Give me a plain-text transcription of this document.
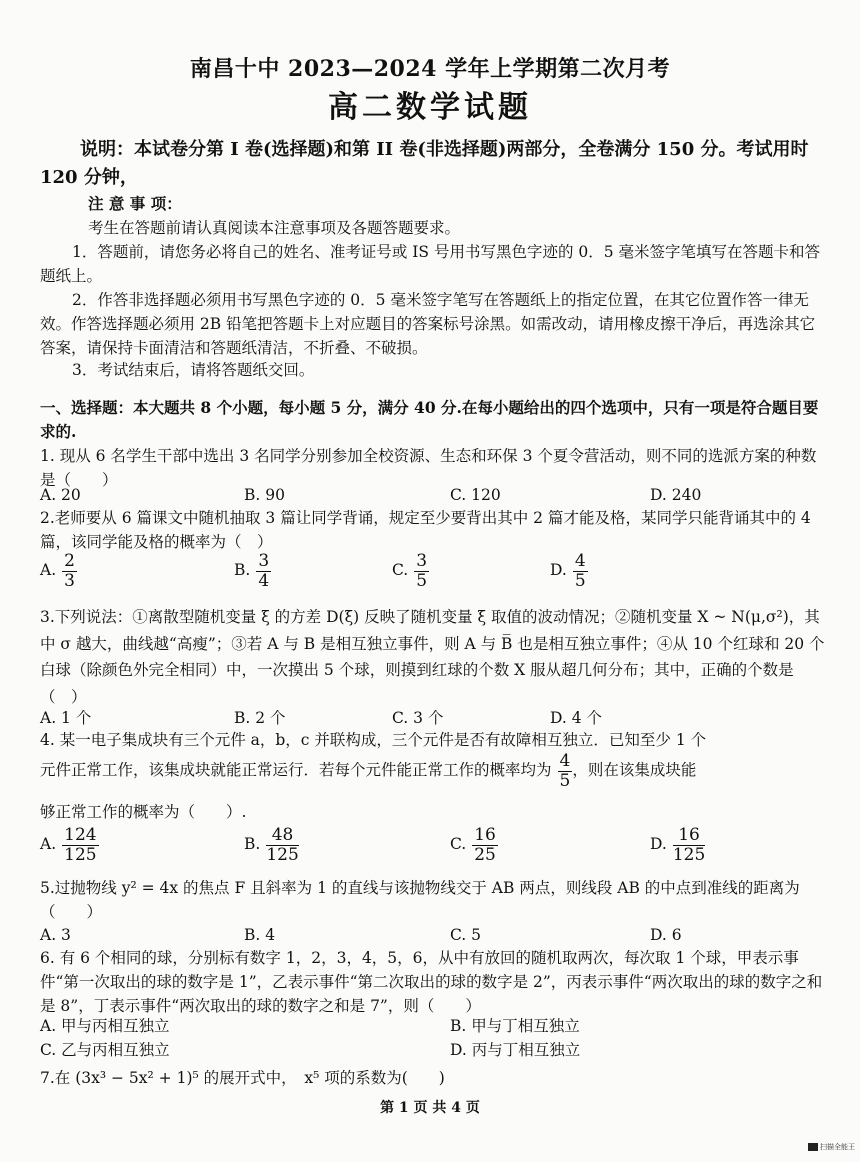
南昌十中 2023—2024 学年上学期第二次月考
高二数学试题
说明：本试卷分第 I 卷(选择题)和第 II 卷(非选择题)两部分，全卷满分 150 分。考试用时 120 分钟，
注 意 事 项：
考生在答题前请认真阅读本注意事项及各题答题要求。
1．答题前，请您务必将自己的姓名、准考证号或 IS 号用书写黑色字迹的 0．5 毫米签字笔填写在答题卡和答题纸上。
2．作答非选择题必须用书写黑色字迹的 0．5 毫米签字笔写在答题纸上的指定位置，在其它位置作答一律无效。作答选择题必须用 2B 铅笔把答题卡上对应题目的答案标号涂黑。如需改动，请用橡皮擦干净后，再选涂其它答案，请保持卡面清洁和答题纸清洁，不折叠、不破损。
3．考试结束后，请将答题纸交回。
一、选择题：本大题共 8 个小题，每小题 5 分，满分 40 分.在每小题给出的四个选项中，只有一项是符合题目要求的.
1. 现从 6 名学生干部中选出 3 名同学分别参加全校资源、生态和环保 3 个夏令营活动，则不同的选派方案的种数是（　　）
A. 20	B. 90	C. 120	D. 240
2.老师要从 6 篇课文中随机抽取 3 篇让同学背诵，规定至少要背出其中 2 篇才能及格，某同学只能背诵其中的 4 篇，该同学能及格的概率为（　）
A. $\frac{2}{3}$	B. $\frac{3}{4}$	C. $\frac{3}{5}$	D. $\frac{4}{5}$
3.下列说法：①离散型随机变量 ξ 的方差 D(ξ) 反映了随机变量 ξ 取值的波动情况；②随机变量 X ~ N(μ,σ²)，其中 σ 越大，曲线越“高瘦”；③若 A 与 B 是相互独立事件，则 A 与 B̅ 也是相互独立事件；④从 10 个红球和 20 个白球（除颜色外完全相同）中，一次摸出 5 个球，则摸到红球的个数 X 服从超几何分布；其中，正确的个数是　（　）
A. 1 个	B. 2 个	C. 3 个	D. 4 个
4. 某一电子集成块有三个元件 a，b，c 并联构成，三个元件是否有故障相互独立．已知至少 1 个
元件正常工作，该集成块就能正常运行．若每个元件能正常工作的概率均为 $\frac{4}{5}$ ，则在该集成块能
够正常工作的概率为（　　）.
A. $\frac{124}{125}$	B. $\frac{48}{125}$	C. $\frac{16}{25}$	D. $\frac{16}{125}$
5.过抛物线 y² = 4x 的焦点 F 且斜率为 1 的直线与该抛物线交于 AB 两点，则线段 AB 的中点到准线的距离为（　　）
A. 3	B. 4	C. 5	D. 6
6. 有 6 个相同的球，分别标有数字 1，2，3，4，5，6，从中有放回的随机取两次，每次取 1 个球，甲表示事件“第一次取出的球的数字是 1”，乙表示事件“第二次取出的球的数字是 2”，丙表示事件“两次取出的球的数字之和是 8”，丁表示事件“两次取出的球的数字之和是 7”，则（　　）
A. 甲与丙相互独立	B. 甲与丁相互独立
C. 乙与丙相互独立	D. 丙与丁相互独立
7.在 (3x³ − 5x² + 1)⁵ 的展开式中，　x⁵ 项的系数为(　　)
第 1 页 共 4 页
扫描全能王
